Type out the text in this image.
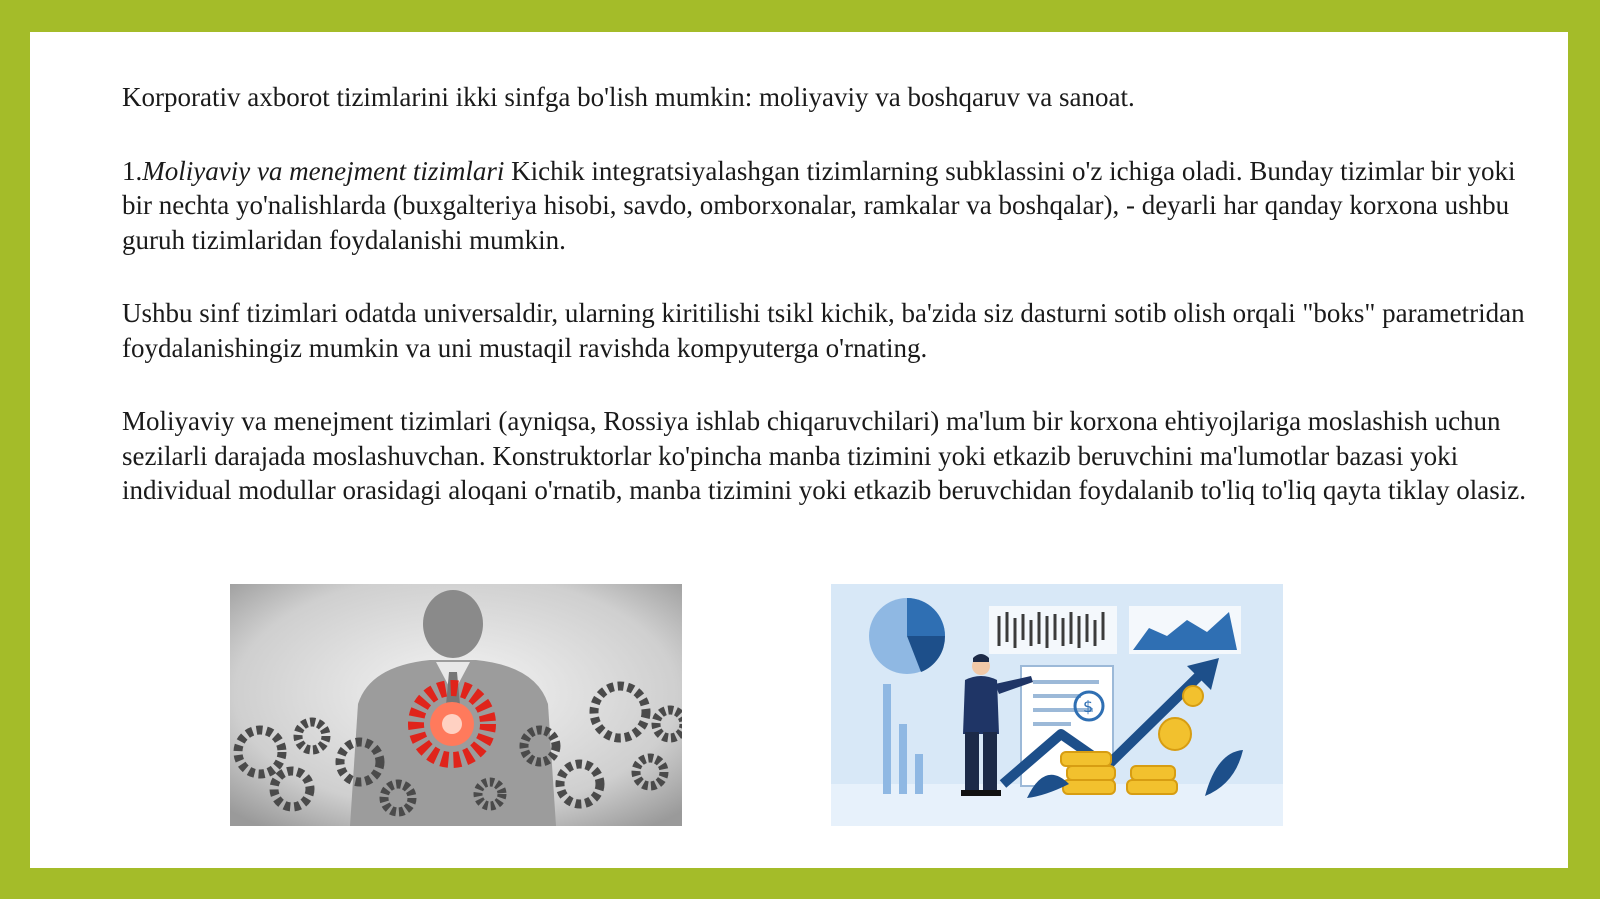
Korporativ axborot tizimlarini ikki sinfga bo'lish mumkin: moliyaviy va boshqaruv va sanoat.

1.Moliyaviy va menejment tizimlari Kichik integratsiyalashgan tizimlarning subklassini o'z ichiga oladi. Bunday tizimlar bir yoki bir nechta yo'nalishlarda (buxgalteriya hisobi, savdo, omborxonalar, ramkalar va boshqalar), - deyarli har qanday korxona ushbu guruh tizimlaridan foydalanishi mumkin.

Ushbu sinf tizimlari odatda universaldir, ularning kiritilishi tsikl kichik, ba'zida siz dasturni sotib olish orqali "boks" parametridan foydalanishingiz mumkin va uni mustaqil ravishda kompyuterga o'rnating.

Moliyaviy va menejment tizimlari (ayniqsa, Rossiya ishlab chiqaruvchilari) ma'lum bir korxona ehtiyojlariga moslashish uchun sezilarli darajada moslashuvchan. Konstruktorlar ko'pincha manba tizimini yoki etkazib beruvchini ma'lumotlar bazasi yoki individual modullar orasidagi aloqani o'rnatib, manba tizimini yoki etkazib beruvchidan foydalanib to'liq to'liq qayta tiklay olasiz.

$
